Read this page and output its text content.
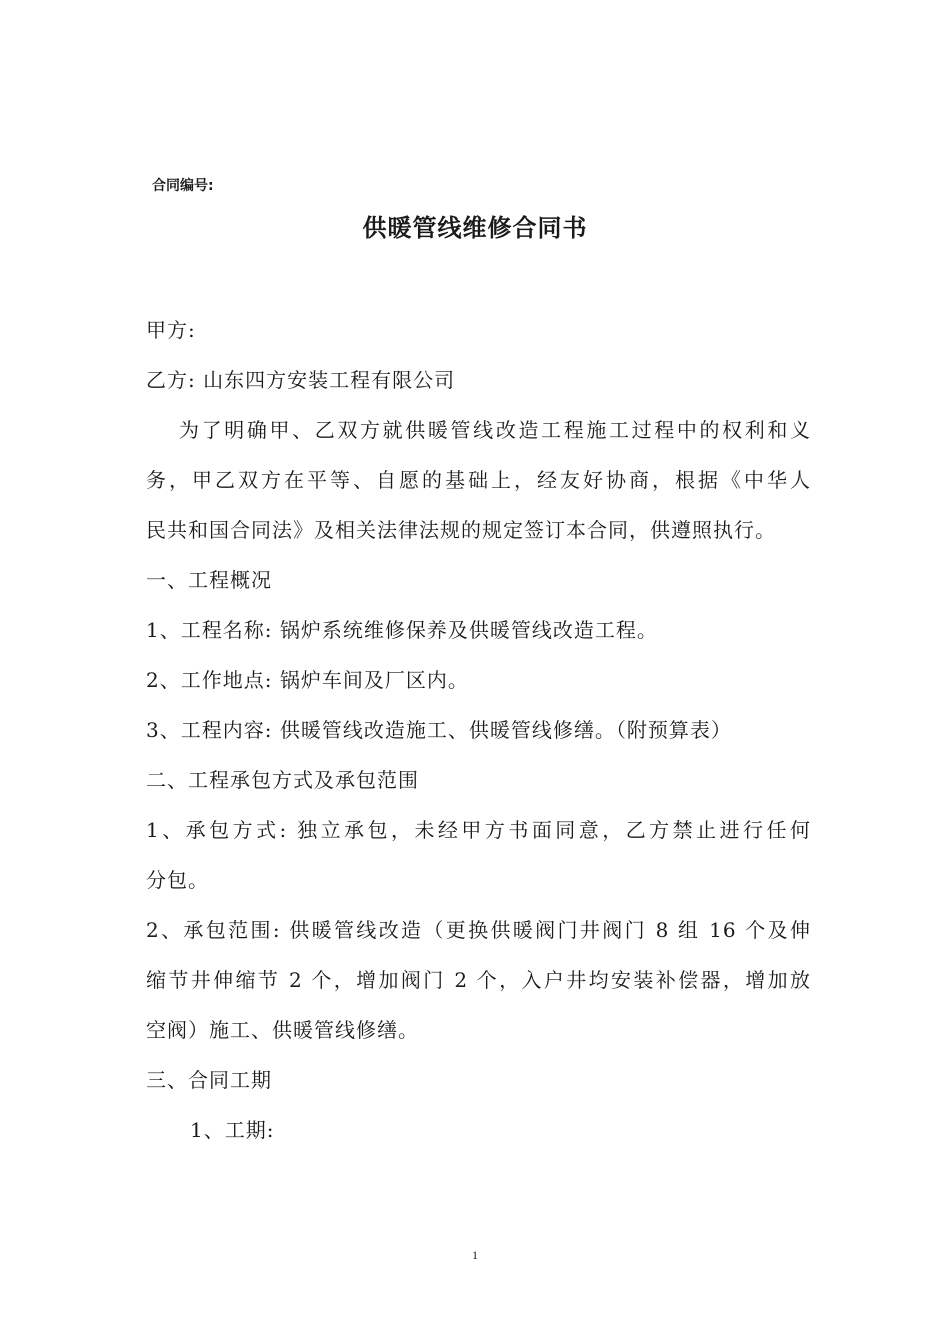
合同编号:
供暖管线维修合同书
甲方:
乙方: 山东四方安装工程有限公司
为了明确甲、乙双方就供暖管线改造工程施工过程中的权利和义
务，甲乙双方在平等、自愿的基础上，经友好协商，根据《中华人
民共和国合同法》及相关法律法规的规定签订本合同，供遵照执行。
一、工程概况
1、工程名称: 锅炉系统维修保养及供暖管线改造工程。
2、工作地点: 锅炉车间及厂区内。
3、工程内容: 供暖管线改造施工、供暖管线修缮。（附预算表）
二、工程承包方式及承包范围
1、承包方式: 独立承包，未经甲方书面同意，乙方禁止进行任何
分包。
2、承包范围: 供暖管线改造（更换供暖阀门井阀门 8 组 16 个及伸
缩节井伸缩节 2 个，增加阀门 2 个，入户井均安装补偿器，增加放
空阀）施工、供暖管线修缮。
三、合同工期
1、工期:
1
